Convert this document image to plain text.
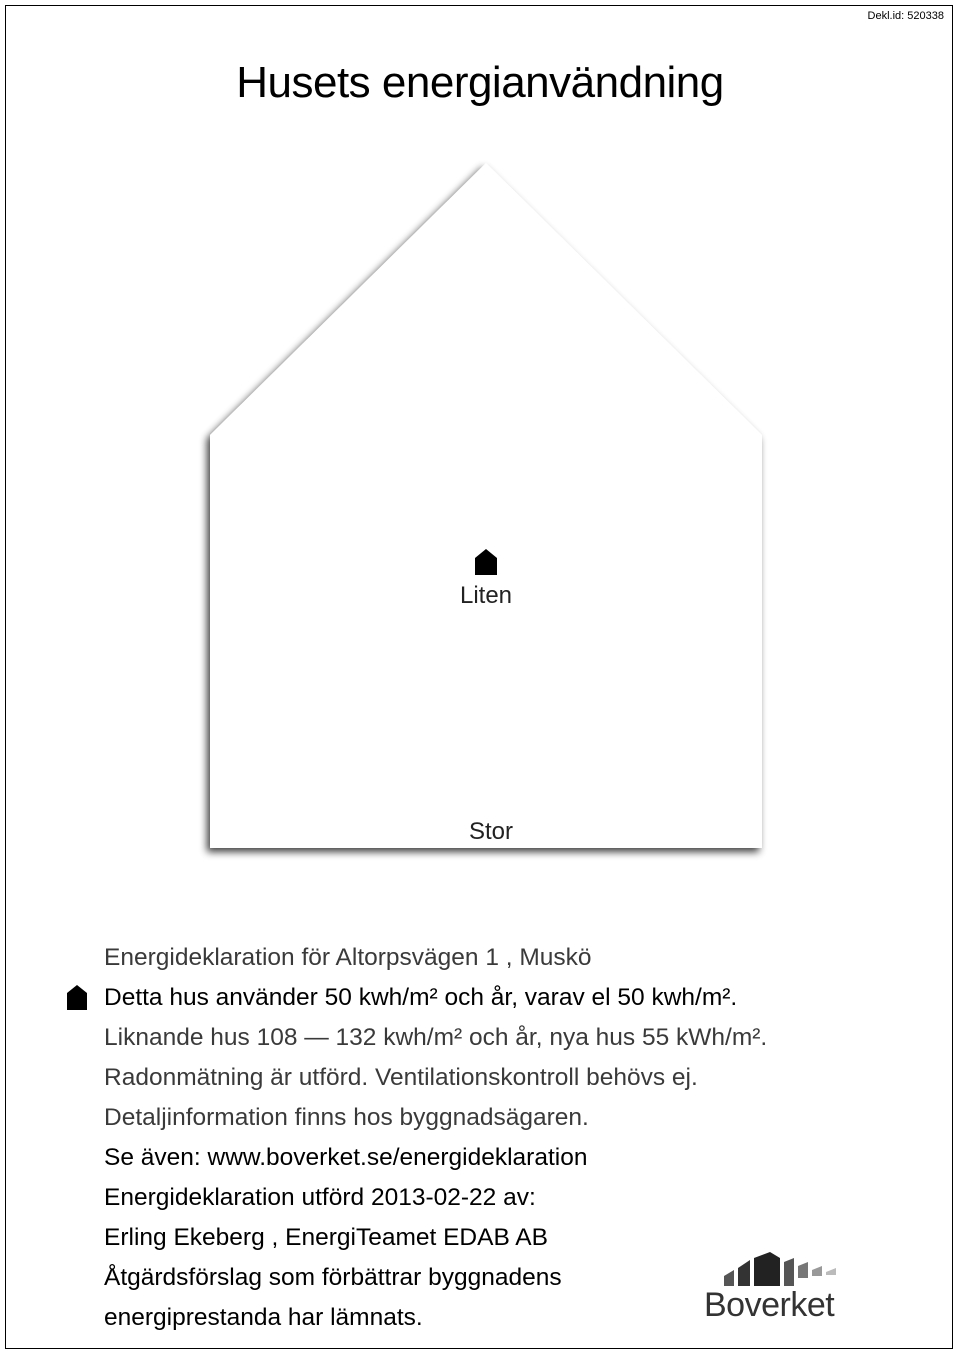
Dekl.id: 520338
Husets energianvändning
Liten
Stor
Energideklaration för Altorpsvägen 1 , Muskö
Detta hus använder 50 kwh/m² och år, varav el 50 kwh/m².
Liknande hus 108 — 132 kwh/m² och år, nya hus 55 kWh/m².
Radonmätning är utförd. Ventilationskontroll behövs ej.
Detaljinformation finns hos byggnadsägaren.
Se även: www.boverket.se/energideklaration
Energideklaration utförd 2013-02-22 av:
Erling Ekeberg , EnergiTeamet EDAB AB
Åtgärdsförslag som förbättrar byggnadens
energiprestanda har lämnats.	Boverket
